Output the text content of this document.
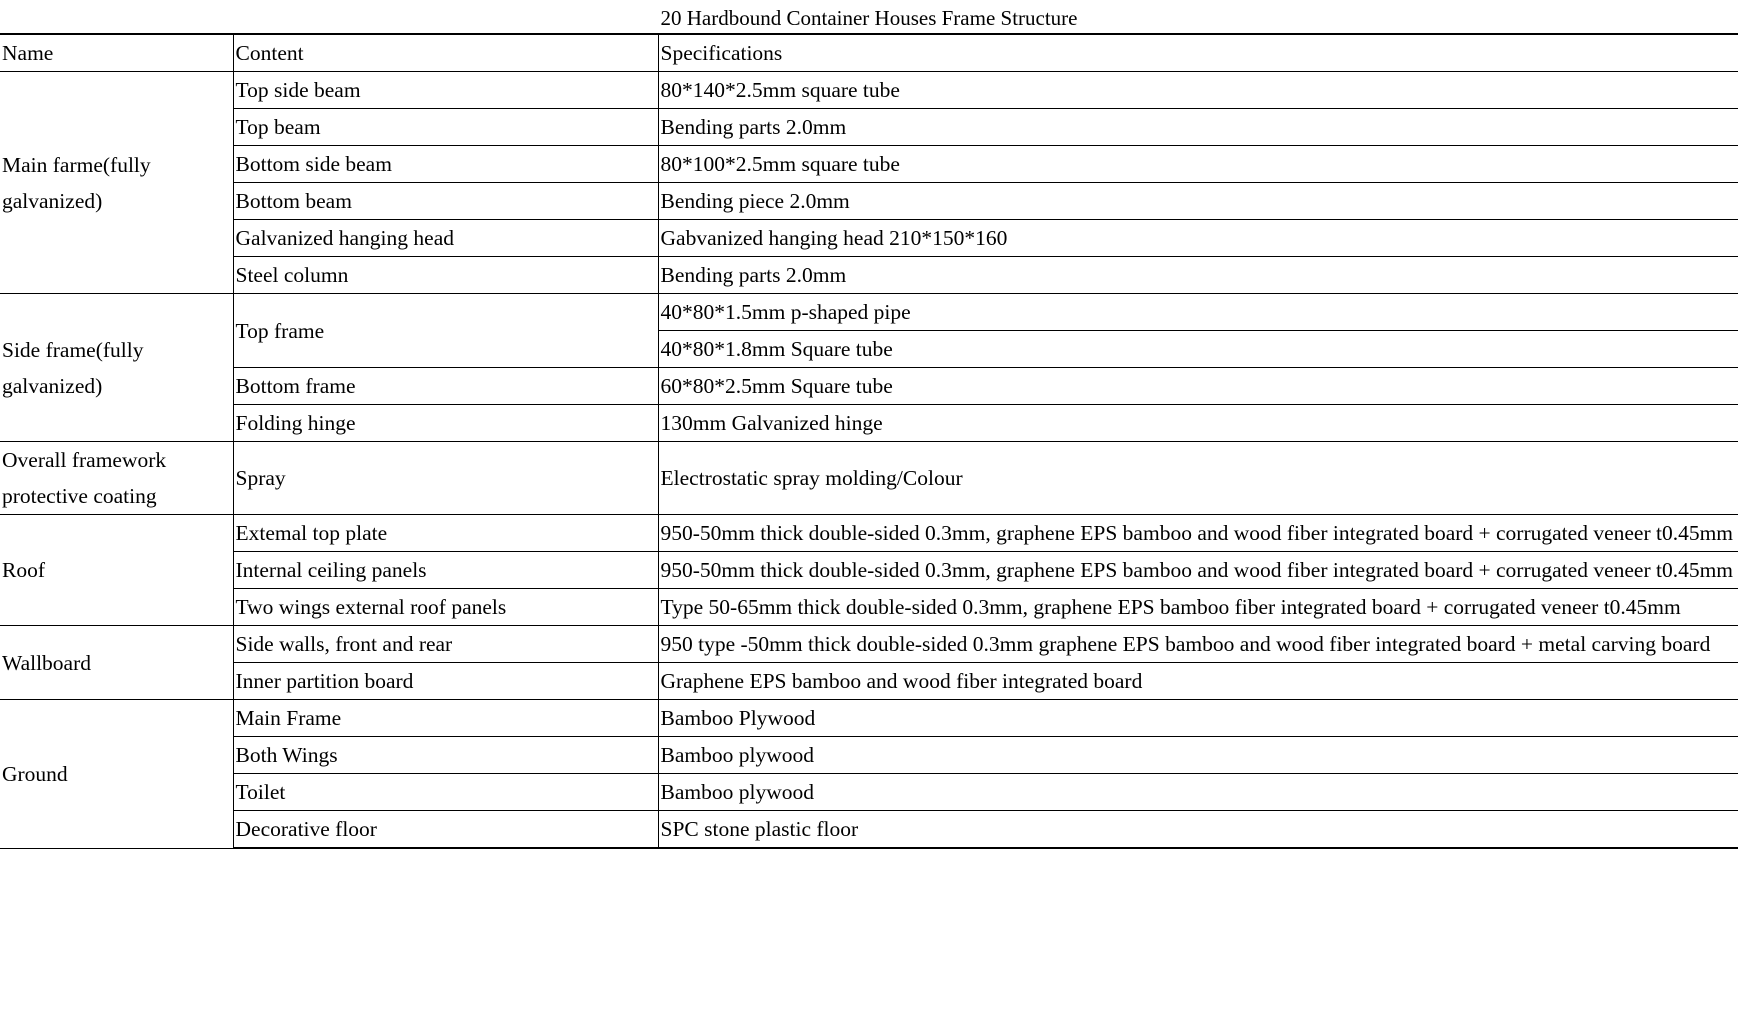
20 Hardbound Container Houses Frame Structure
Name	Content	Specifications
Main farme(fully galvanized)	Top side beam	80*140*2.5mm square tube
	Top beam	Bending parts 2.0mm
	Bottom side beam	80*100*2.5mm square tube
	Bottom beam	Bending piece 2.0mm
	Galvanized hanging head	Gabvanized hanging head 210*150*160
	Steel column	Bending parts 2.0mm
Side frame(fully galvanized)	Top frame	40*80*1.5mm p-shaped pipe
		40*80*1.8mm Square tube
	Bottom frame	60*80*2.5mm Square tube
	Folding hinge	130mm Galvanized hinge
Overall framework protective coating	Spray	Electrostatic spray molding/Colour
Roof	Extemal top plate	950-50mm thick double-sided 0.3mm, graphene EPS bamboo and wood fiber integrated board + corrugated veneer t0.45mm
	Internal ceiling panels	950-50mm thick double-sided 0.3mm, graphene EPS bamboo and wood fiber integrated board + corrugated veneer t0.45mm
	Two wings external roof panels	Type 50-65mm thick double-sided 0.3mm, graphene EPS bamboo fiber integrated board + corrugated veneer t0.45mm
Wallboard	Side walls, front and rear	950 type -50mm thick double-sided 0.3mm graphene EPS bamboo and wood fiber integrated board + metal carving board
	Inner partition board	Graphene EPS bamboo and wood fiber integrated board
Ground	Main Frame	Bamboo Plywood
	Both Wings	Bamboo plywood
	Toilet	Bamboo plywood
	Decorative floor	SPC stone plastic floor
